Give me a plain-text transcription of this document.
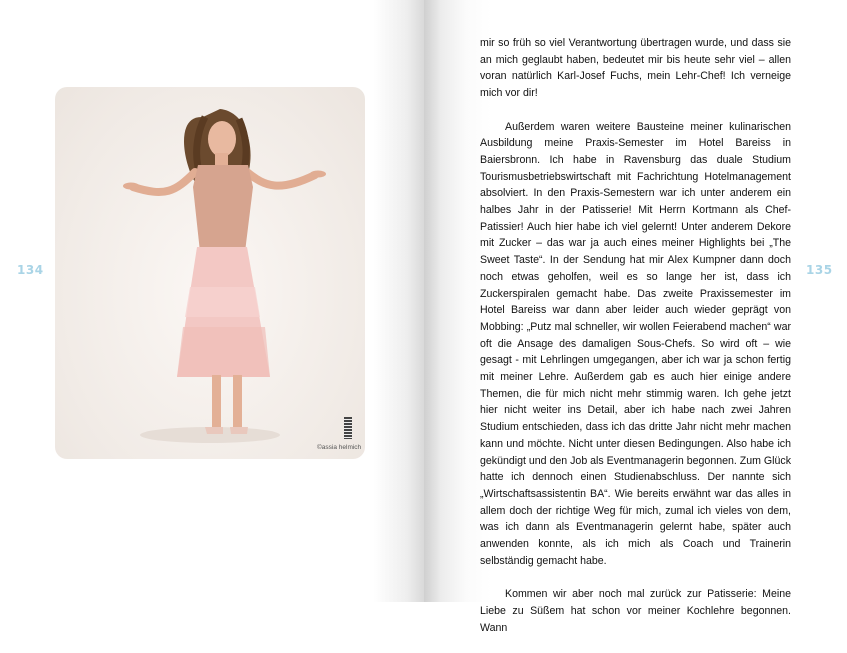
134	135
©assia helmich

mir so früh so viel Verantwortung übertragen wurde, und dass sie an mich geglaubt haben, bedeutet mir bis heute sehr viel – allen voran natürlich Karl-Josef Fuchs, mein Lehr-Chef! Ich verneige mich vor dir!

Außerdem waren weitere Bausteine meiner kulinarischen Ausbildung meine Praxis-Semester im Hotel Bareiss in Baiersbronn. Ich habe in Ravensburg das duale Studium Tourismusbetriebswirtschaft mit Fachrichtung Hotelmanagement absolviert. In den Praxis-Semestern war ich unter anderem ein halbes Jahr in der Patisserie! Mit Herrn Kortmann als Chef-Patissier! Auch hier habe ich viel gelernt! Unter anderem Dekore mit Zucker – das war ja auch eines meiner Highlights bei „The Sweet Taste“. In der Sendung hat mir Alex Kumpner dann doch noch etwas geholfen, weil es so lange her ist, dass ich Zuckerspiralen gemacht habe. Das zweite Praxissemester im Hotel Bareiss war dann aber leider auch wieder geprägt von Mobbing: „Putz mal schneller, wir wollen Feierabend machen“ war oft die Ansage des damaligen Sous-Chefs. So wird oft – wie gesagt - mit Lehrlingen umgegangen, aber ich war ja schon fertig mit meiner Lehre. Außerdem gab es auch hier einige andere Themen, die für mich nicht mehr stimmig waren. Ich gehe jetzt hier nicht weiter ins Detail, aber ich habe nach zwei Jahren Studium entschieden, dass ich das dritte Jahr nicht mehr machen kann und möchte. Nicht unter diesen Bedingungen. Also habe ich gekündigt und den Job als Eventmanagerin begonnen. Zum Glück hatte ich dennoch einen Studienabschluss. Der nannte sich „Wirtschaftsassistentin BA“. Wie bereits erwähnt war das alles in allem doch der richtige Weg für mich, zumal ich vieles von dem, was ich dann als Eventmanagerin gelernt habe, später auch anwenden konnte, als ich mich als Coach und Trainerin selbständig gemacht habe.

Kommen wir aber noch mal zurück zur Patisserie: Meine Liebe zu Süßem hat schon vor meiner Kochlehre begonnen. Wann
